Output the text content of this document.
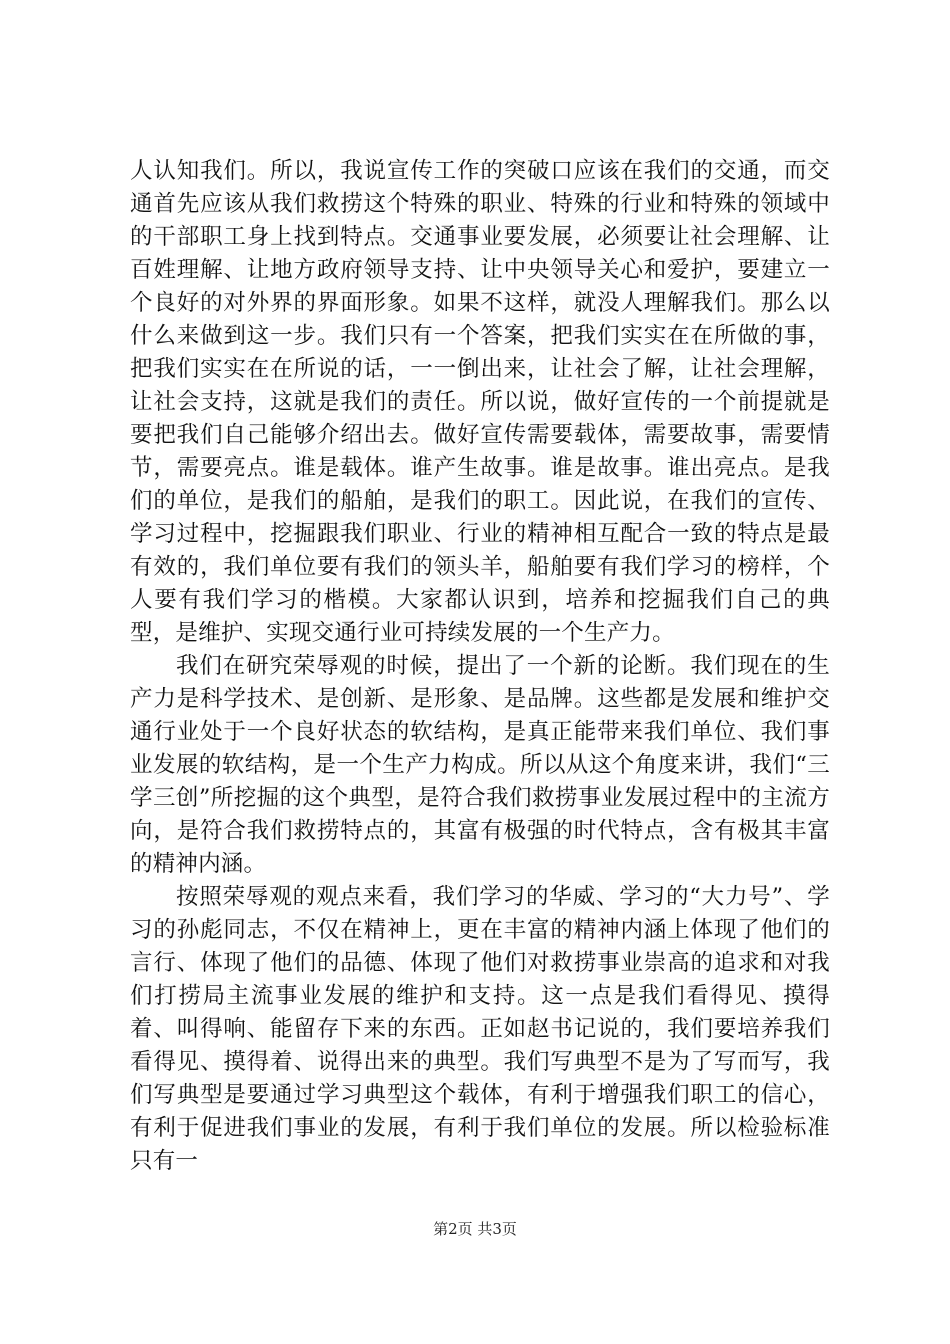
人认知我们。所以，我说宣传工作的突破口应该在我们的交通，而交通首先应该从我们救捞这个特殊的职业、特殊的行业和特殊的领域中的干部职工身上找到特点。交通事业要发展，必须要让社会理解、让百姓理解、让地方政府领导支持、让中央领导关心和爱护，要建立一个良好的对外界的界面形象。如果不这样，就没人理解我们。那么以什么来做到这一步。我们只有一个答案，把我们实实在在所做的事，把我们实实在在所说的话，一一倒出来，让社会了解，让社会理解，让社会支持，这就是我们的责任。所以说，做好宣传的一个前提就是要把我们自己能够介绍出去。做好宣传需要载体，需要故事，需要情节，需要亮点。谁是载体。谁产生故事。谁是故事。谁出亮点。是我们的单位，是我们的船舶，是我们的职工。因此说，在我们的宣传、学习过程中，挖掘跟我们职业、行业的精神相互配合一致的特点是最有效的，我们单位要有我们的领头羊，船舶要有我们学习的榜样，个人要有我们学习的楷模。大家都认识到，培养和挖掘我们自己的典型，是维护、实现交通行业可持续发展的一个生产力。

我们在研究荣辱观的时候，提出了一个新的论断。我们现在的生产力是科学技术、是创新、是形象、是品牌。这些都是发展和维护交通行业处于一个良好状态的软结构，是真正能带来我们单位、我们事业发展的软结构，是一个生产力构成。所以从这个角度来讲，我们“三学三创”所挖掘的这个典型，是符合我们救捞事业发展过程中的主流方向，是符合我们救捞特点的，其富有极强的时代特点，含有极其丰富的精神内涵。

按照荣辱观的观点来看，我们学习的华威、学习的“大力号”、学习的孙彪同志，不仅在精神上，更在丰富的精神内涵上体现了他们的言行、体现了他们的品德、体现了他们对救捞事业崇高的追求和对我们打捞局主流事业发展的维护和支持。这一点是我们看得见、摸得着、叫得响、能留存下来的东西。正如赵书记说的，我们要培养我们看得见、摸得着、说得出来的典型。我们写典型不是为了写而写，我们写典型是要通过学习典型这个载体，有利于增强我们职工的信心，有利于促进我们事业的发展，有利于我们单位的发展。所以检验标准只有一

第2页 共3页
